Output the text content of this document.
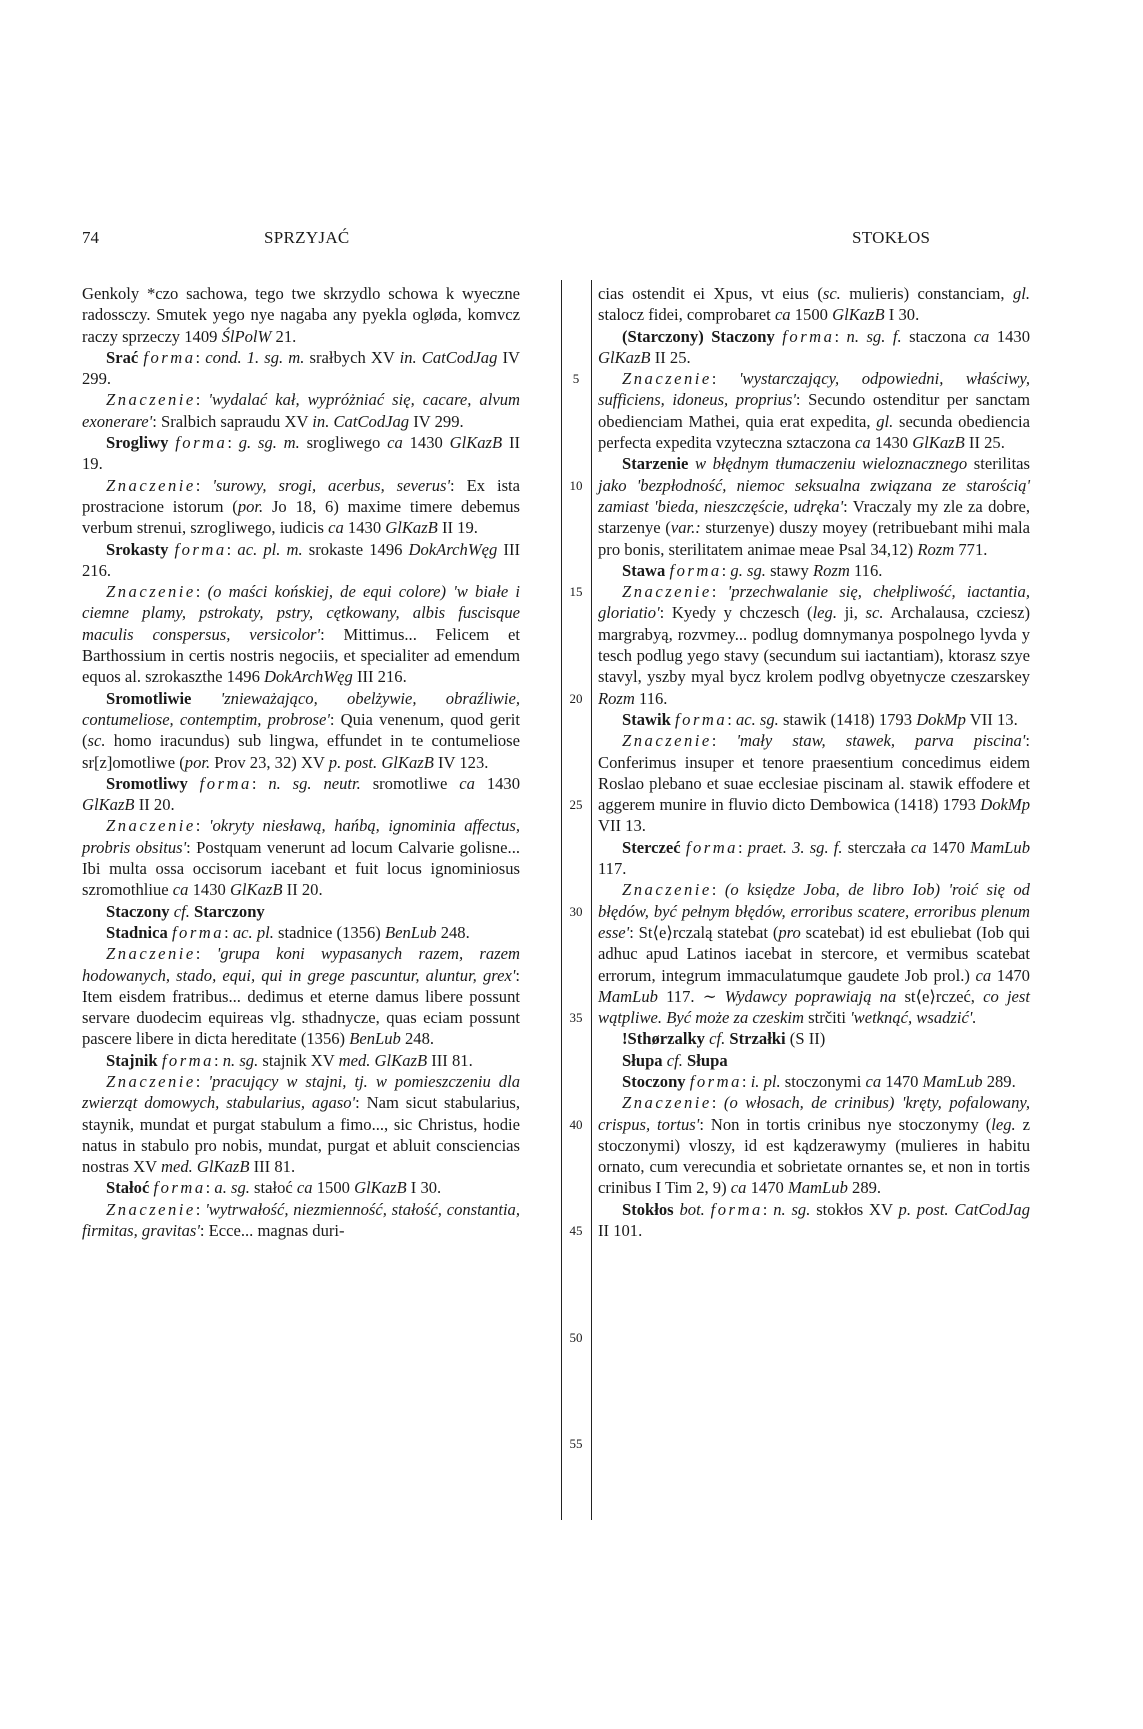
74	SPRZYJAĆ	STOKŁOS

Genkoly *czo sachowa, tego twe skrzydlo schowa k wyeczne radossczy. Smutek yego nye nagaba any pyekla ogløda, komvcz raczy sprzeczy 1409 ŚlPolW 21.

Srać forma: cond. 1. sg. m. srałbych XV in. CatCodJag IV 299.

Znaczenie: 'wydalać kał, wypróżniać się, cacare, alvum exonerare': Sralbich sapraudu XV in. CatCodJag IV 299.

Srogliwy forma: g. sg. m. srogliwego ca 1430 GlKazB II 19.

Znaczenie: 'surowy, srogi, acerbus, severus': Ex ista prostracione istorum (por. Jo 18, 6) maxime timere debemus verbum strenui, szrogliwego, iudicis ca 1430 GlKazB II 19.

Srokasty forma: ac. pl. m. srokaste 1496 DokArchWęg III 216.

Znaczenie: (o maści końskiej, de equi colore) 'w białe i ciemne plamy, pstrokaty, pstry, cętkowany, albis fuscisque maculis conspersus, versicolor': Mittimus... Felicem et Barthossium in certis nostris negociis, et specialiter ad emendum equos al. szrokaszthe 1496 DokArchWęg III 216.

Sromotliwie 'znieważająco, obelżywie, obraźliwie, contumeliose, contemptim, probrose': Quia venenum, quod gerit (sc. homo iracundus) sub lingwa, effundet in te contumeliose sr[z]omotliwe (por. Prov 23, 32) XV p. post. GlKazB IV 123.

Sromotliwy forma: n. sg. neutr. sromotliwe ca 1430 GlKazB II 20.

Znaczenie: 'okryty niesławą, hańbą, ignominia affectus, probris obsitus': Postquam venerunt ad locum Calvarie golisne... Ibi multa ossa occisorum iacebant et fuit locus ignominiosus szromothliue ca 1430 GlKazB II 20.

Staczony cf. Starczony

Stadnica forma: ac. pl. stadnice (1356) BenLub 248.

Znaczenie: 'grupa koni wypasanych razem, razem hodowanych, stado, equi, qui in grege pascuntur, aluntur, grex': Item eisdem fratribus... dedimus et eterne damus libere possunt servare duodecim equireas vlg. sthadnycze, quas eciam possunt pascere libere in dicta hereditate (1356) BenLub 248.

Stajnik forma: n. sg. stajnik XV med. GlKazB III 81.

Znaczenie: 'pracujący w stajni, tj. w pomieszczeniu dla zwierząt domowych, stabularius, agaso': Nam sicut stabularius, staynik, mundat et purgat stabulum a fimo..., sic Christus, hodie natus in stabulo pro nobis, mundat, purgat et abluit consciencias nostras XV med. GlKazB III 81.

Stałoć forma: a. sg. stałoć ca 1500 GlKazB I 30.

Znaczenie: 'wytrwałość, niezmienność, stałość, constantia, firmitas, gravitas': Ecce... magnas duri-

5
10
15
20
25
30
35
40
45
50
55

cias ostendit ei Xpus, vt eius (sc. mulieris) constanciam, gl. stalocz fidei, comprobaret ca 1500 GlKazB I 30.

(Starczony) Staczony forma: n. sg. f. staczona ca 1430 GlKazB II 25.

Znaczenie: 'wystarczający, odpowiedni, właściwy, sufficiens, idoneus, proprius': Secundo ostenditur per sanctam obedienciam Mathei, quia erat expedita, gl. secunda obediencia perfecta expedita vzyteczna sztaczona ca 1430 GlKazB II 25.

Starzenie w błędnym tłumaczeniu wieloznacznego sterilitas jako 'bezpłodność, niemoc seksualna związana ze starością' zamiast 'bieda, nieszczęście, udręka': Vraczaly my zle za dobre, starzenye (var.: sturzenye) duszy moyey (retribuebant mihi mala pro bonis, sterilitatem animae meae Psal 34,12) Rozm 771.

Stawa forma: g. sg. stawy Rozm 116.

Znaczenie: 'przechwalanie się, chełpliwość, iactantia, gloriatio': Kyedy y chczesch (leg. ji, sc. Archalausa, czciesz) margrabyą, rozvmey... podlug domnymanya pospolnego lyvda y tesch podlug yego stavy (secundum sui iactantiam), ktorasz szye stavyl, yszby myal bycz krolem podlvg obyetnycze czeszarskey Rozm 116.

Stawik forma: ac. sg. stawik (1418) 1793 DokMp VII 13.

Znaczenie: 'mały staw, stawek, parva piscina': Conferimus insuper et tenore praesentium concedimus eidem Roslao plebano et suae ecclesiae piscinam al. stawik effodere et aggerem munire in fluvio dicto Dembowica (1418) 1793 DokMp VII 13.

Sterczeć forma: praet. 3. sg. f. sterczała ca 1470 MamLub 117.

Znaczenie: (o księdze Joba, de libro Iob) 'roić się od błędów, być pełnym błędów, erroribus scatere, erroribus plenum esse': St⟨e⟩rczalą statebat (pro scatebat) id est ebuliebat (Iob qui adhuc apud Latinos iacebat in stercore, et vermibus scatebat errorum, integrum immaculatumque gaudete Job prol.) ca 1470 MamLub 117. ∼ Wydawcy poprawiają na st⟨e⟩rczeć, co jest wątpliwe. Być może za czeskim strčiti 'wetknąć, wsadzić'.

!Sthørzalky cf. Strzałki (S II)

Słupa cf. Słupa

Stoczony forma: i. pl. stoczonymi ca 1470 MamLub 289.

Znaczenie: (o włosach, de crinibus) 'kręty, pofalowany, crispus, tortus': Non in tortis crinibus nye stoczonymy (leg. z stoczonymi) vloszy, id est kądzerawymy (mulieres in habitu ornato, cum verecundia et sobrietate ornantes se, et non in tortis crinibus I Tim 2, 9) ca 1470 MamLub 289.

Stokłos bot. forma: n. sg. stokłos XV p. post. CatCodJag II 101.
